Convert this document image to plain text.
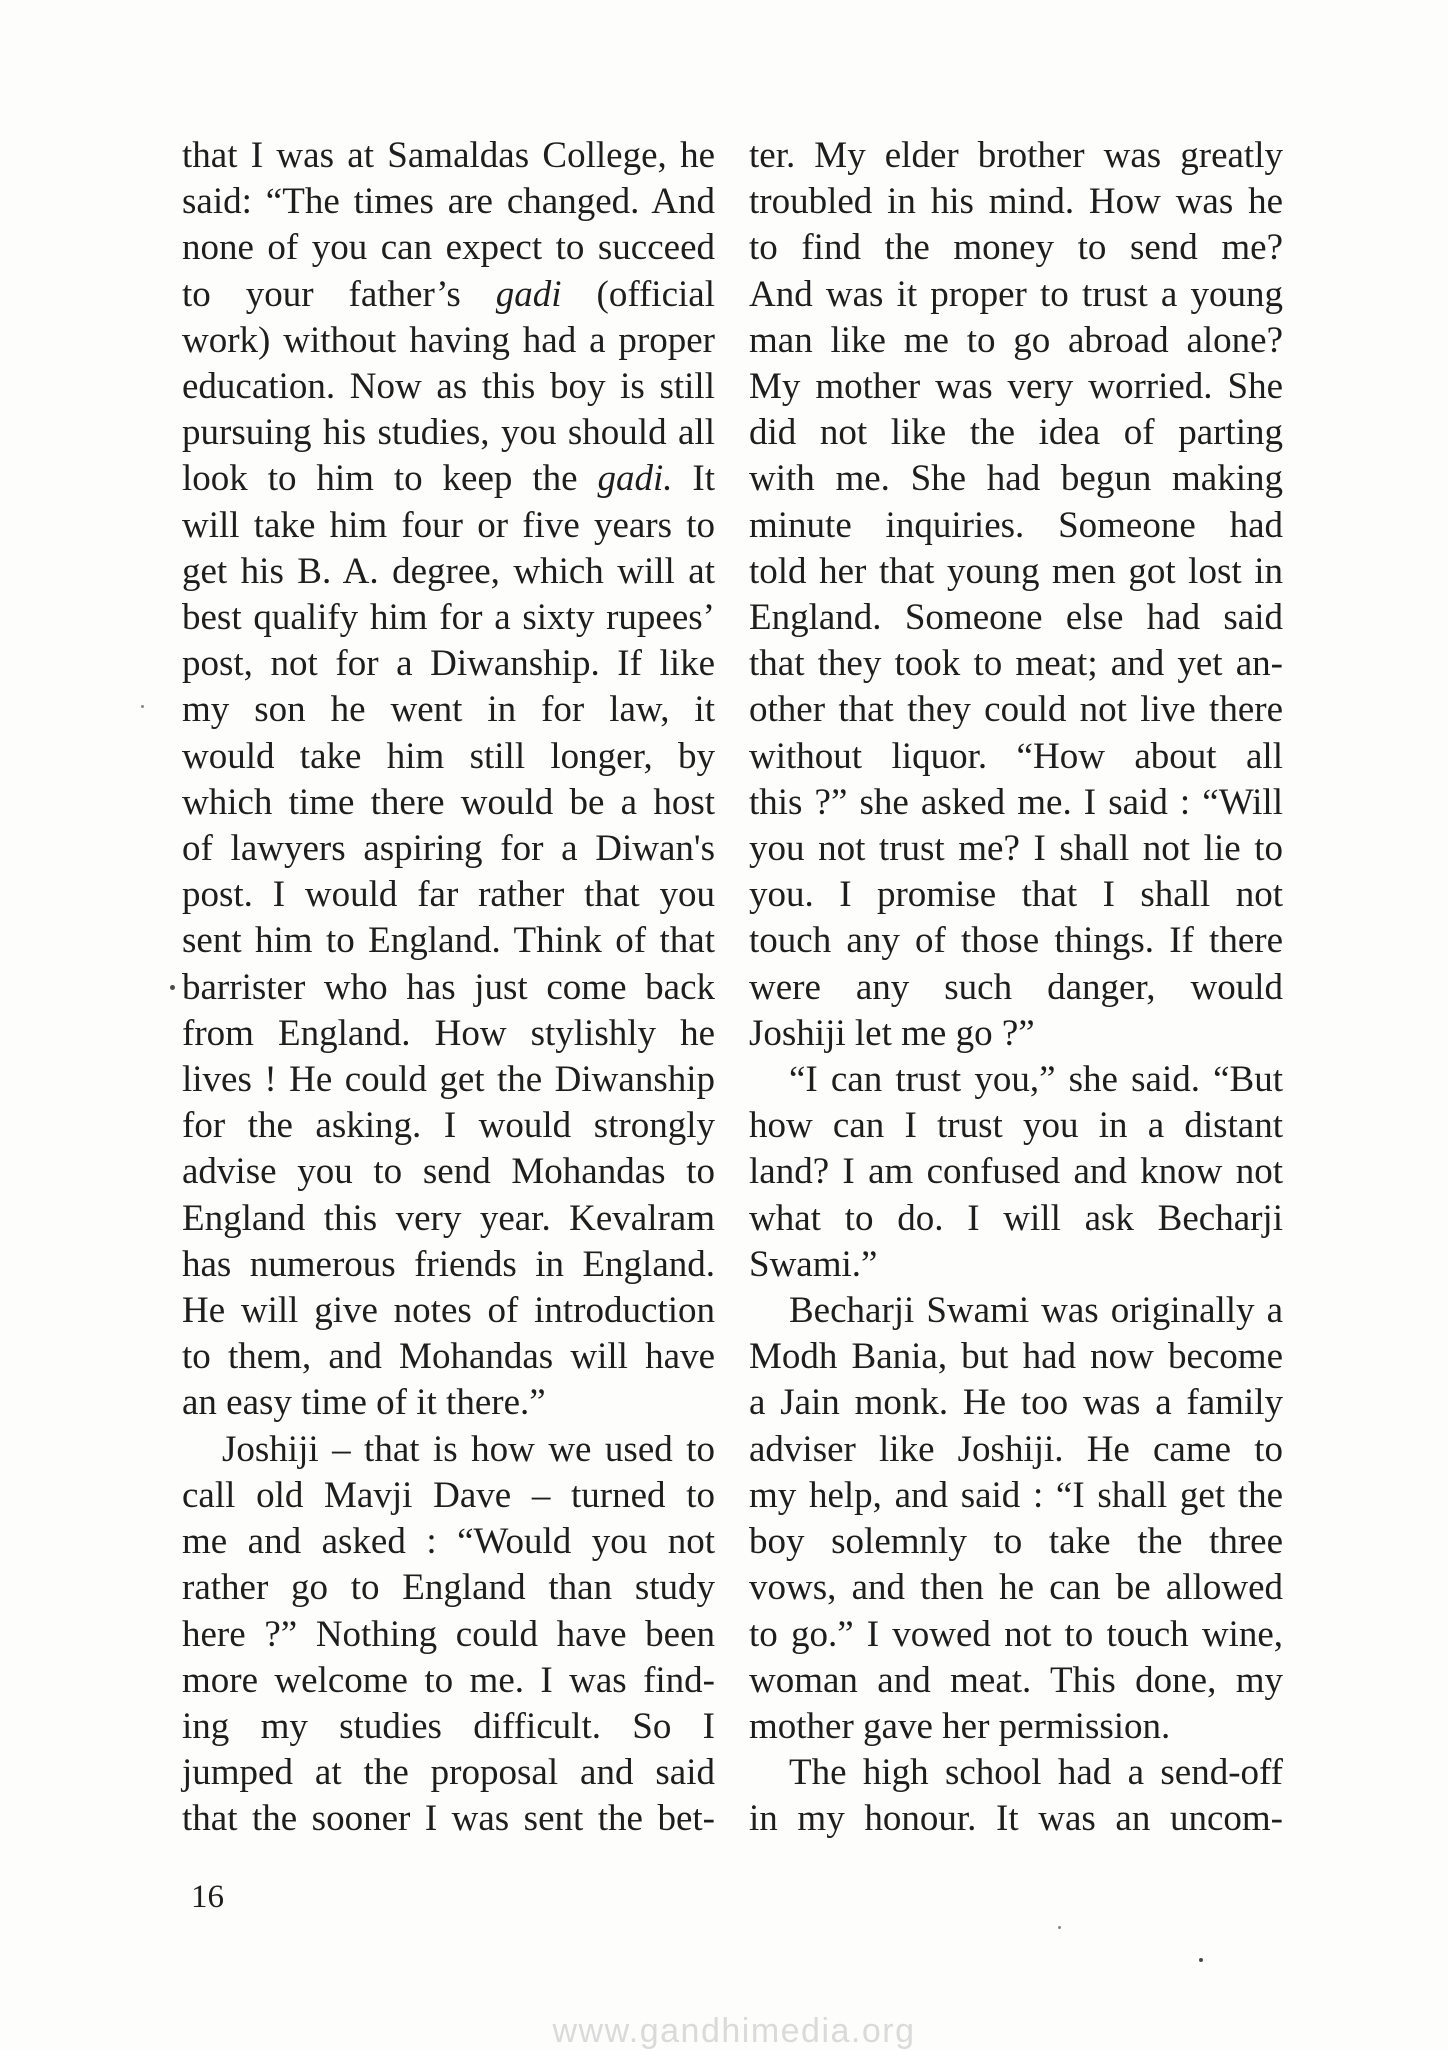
that I was at Samaldas College, he
said: “The times are changed. And
none of you can expect to succeed
to your father’s gadi (official
work) without having had a proper
education. Now as this boy is still
pursuing his studies, you should all
look to him to keep the gadi. It
will take him four or five years to
get his B. A. degree, which will at
best qualify him for a sixty rupees’
post, not for a Diwanship. If like
my son he went in for law, it
would take him still longer, by
which time there would be a host
of lawyers aspiring for a Diwan's
post. I would far rather that you
sent him to England. Think of that
barrister who has just come back
from England. How stylishly he
lives ! He could get the Diwanship
for the asking. I would strongly
advise you to send Mohandas to
England this very year. Kevalram
has numerous friends in England.
He will give notes of introduction
to them, and Mohandas will have
an easy time of it there.”
Joshiji – that is how we used to
call old Mavji Dave – turned to
me and asked : “Would you not
rather go to England than study
here ?” Nothing could have been
more welcome to me. I was find-
ing my studies difficult. So I
jumped at the proposal and said
that the sooner I was sent the bet-
ter. My elder brother was greatly
troubled in his mind. How was he
to find the money to send me?
And was it proper to trust a young
man like me to go abroad alone?
My mother was very worried. She
did not like the idea of parting
with me. She had begun making
minute inquiries. Someone had
told her that young men got lost in
England. Someone else had said
that they took to meat; and yet an-
other that they could not live there
without liquor. “How about all
this ?” she asked me. I said : “Will
you not trust me? I shall not lie to
you. I promise that I shall not
touch any of those things. If there
were any such danger, would
Joshiji let me go ?”
“I can trust you,” she said. “But
how can I trust you in a distant
land? I am confused and know not
what to do. I will ask Becharji
Swami.”
Becharji Swami was originally a
Modh Bania, but had now become
a Jain monk. He too was a family
adviser like Joshiji. He came to
my help, and said : “I shall get the
boy solemnly to take the three
vows, and then he can be allowed
to go.” I vowed not to touch wine,
woman and meat. This done, my
mother gave her permission.
The high school had a send-off
in my honour. It was an uncom-
16
www.gandhimedia.org
